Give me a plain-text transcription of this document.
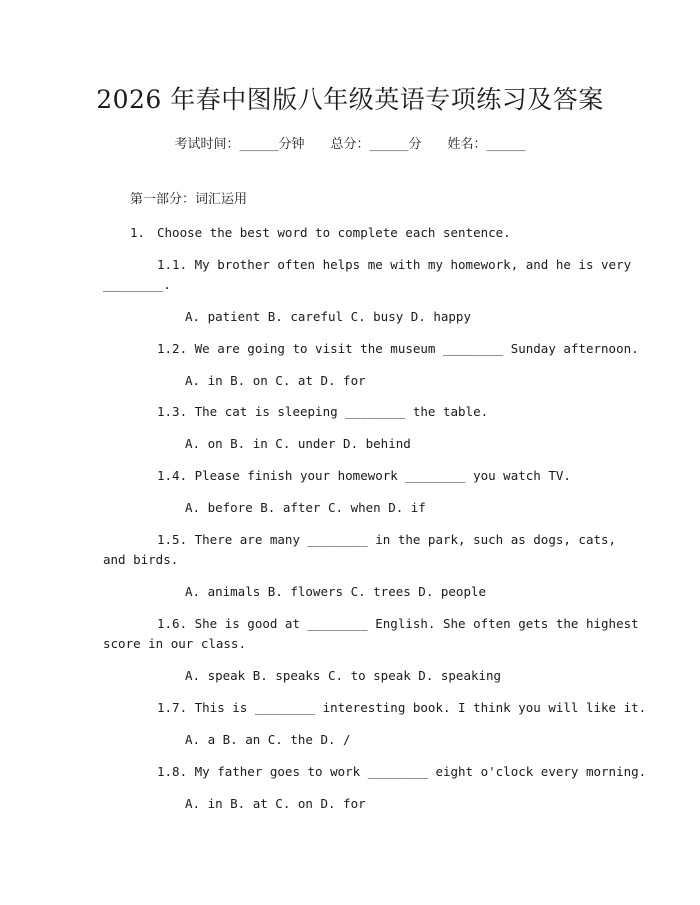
2026 年春中图版八年级英语专项练习及答案
考试时间：______分钟 总分：______分 姓名：______
第一部分：词汇运用
1. Choose the best word to complete each sentence.
1.1. My brother often helps me with my homework, and he is very
________.
A. patient B. careful C. busy D. happy
1.2. We are going to visit the museum ________ Sunday afternoon.
A. in B. on C. at D. for
1.3. The cat is sleeping ________ the table.
A. on B. in C. under D. behind
1.4. Please finish your homework ________ you watch TV.
A. before B. after C. when D. if
1.5. There are many ________ in the park, such as dogs, cats,
and birds.
A. animals B. flowers C. trees D. people
1.6. She is good at ________ English. She often gets the highest
score in our class.
A. speak B. speaks C. to speak D. speaking
1.7. This is ________ interesting book. I think you will like it.
A. a B. an C. the D. /
1.8. My father goes to work ________ eight o'clock every morning.
A. in B. at C. on D. for
